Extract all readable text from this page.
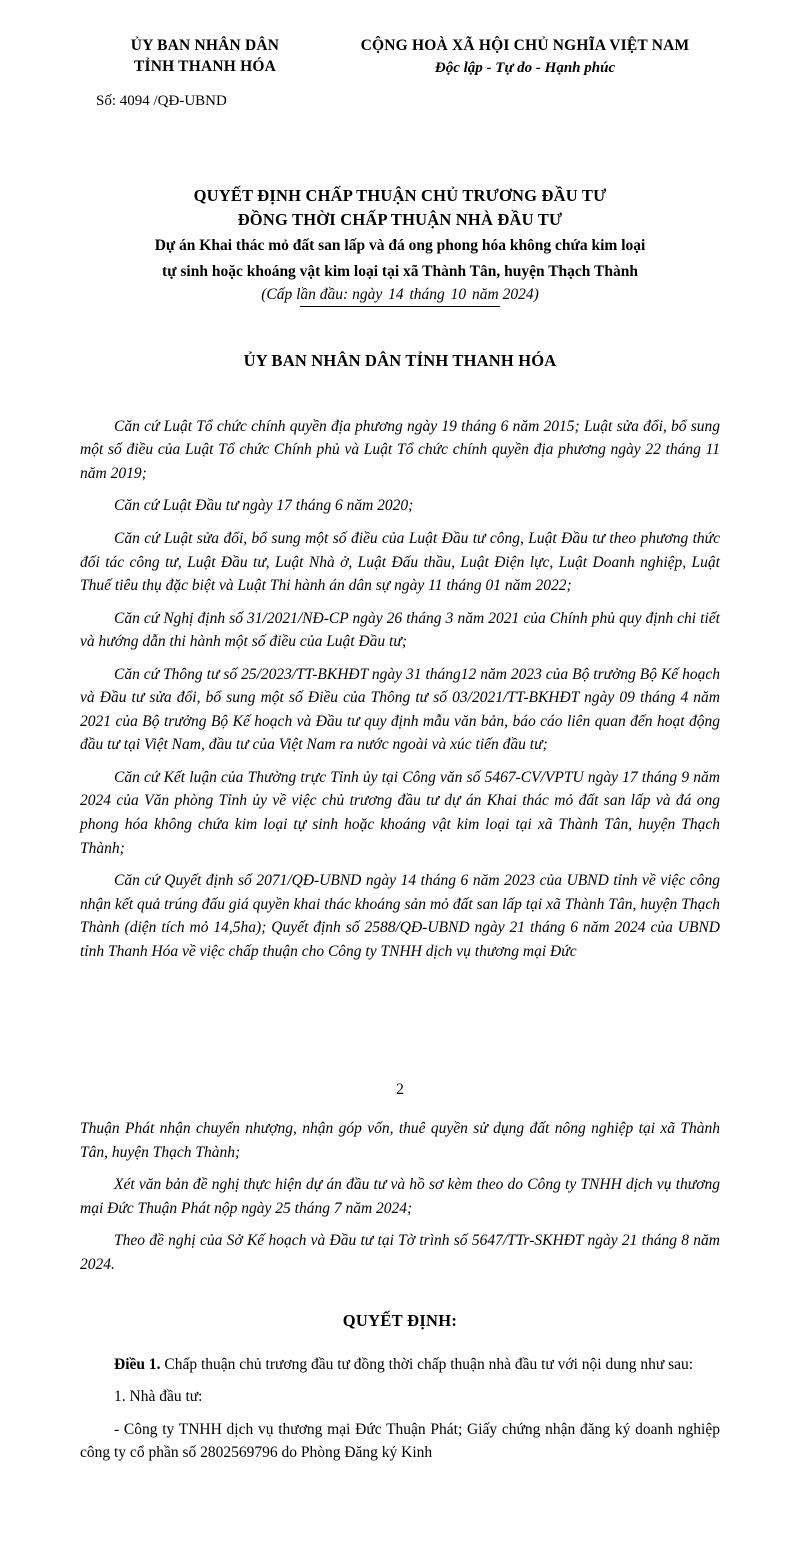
ỦY BAN NHÂN DÂN
TỈNH THANH HÓA
CỘNG HOÀ XÃ HỘI CHỦ NGHĨA VIỆT NAM
Độc lập - Tự do - Hạnh phúc
Số: 4094 /QĐ-UBND
QUYẾT ĐỊNH CHẤP THUẬN CHỦ TRƯƠNG ĐẦU TƯ
ĐỒNG THỜI CHẤP THUẬN NHÀ ĐẦU TƯ
Dự án Khai thác mỏ đất san lấp và đá ong phong hóa không chứa kim loại
tự sinh hoặc khoáng vật kim loại tại xã Thành Tân, huyện Thạch Thành
(Cấp lần đầu: ngày 14 tháng 10 năm 2024)
ỦY BAN NHÂN DÂN TỈNH THANH HÓA

Căn cứ Luật Tổ chức chính quyền địa phương ngày 19 tháng 6 năm 2015; Luật sửa đổi, bổ sung một số điều của Luật Tổ chức Chính phủ và Luật Tổ chức chính quyền địa phương ngày 22 tháng 11 năm 2019;

Căn cứ Luật Đầu tư ngày 17 tháng 6 năm 2020;

Căn cứ Luật sửa đổi, bổ sung một số điều của Luật Đầu tư công, Luật Đầu tư theo phương thức đối tác công tư, Luật Đầu tư, Luật Nhà ở, Luật Đấu thầu, Luật Điện lực, Luật Doanh nghiệp, Luật Thuế tiêu thụ đặc biệt và Luật Thi hành án dân sự ngày 11 tháng 01 năm 2022;

Căn cứ Nghị định số 31/2021/NĐ-CP ngày 26 tháng 3 năm 2021 của Chính phủ quy định chi tiết và hướng dẫn thi hành một số điều của Luật Đầu tư;

Căn cứ Thông tư số 25/2023/TT-BKHĐT ngày 31 tháng12 năm 2023 của Bộ trưởng Bộ Kế hoạch và Đầu tư sửa đổi, bổ sung một số Điều của Thông tư số 03/2021/TT-BKHĐT ngày 09 tháng 4 năm 2021 của Bộ trưởng Bộ Kế hoạch và Đầu tư quy định mẫu văn bản, báo cáo liên quan đến hoạt động đầu tư tại Việt Nam, đầu tư của Việt Nam ra nước ngoài và xúc tiến đầu tư;

Căn cứ Kết luận của Thường trực Tỉnh ủy tại Công văn số 5467-CV/VPTU ngày 17 tháng 9 năm 2024 của Văn phòng Tỉnh ủy về việc chủ trương đầu tư dự án Khai thác mỏ đất san lấp và đá ong phong hóa không chứa kim loại tự sinh hoặc khoáng vật kim loại tại xã Thành Tân, huyện Thạch Thành;

Căn cứ Quyết định số 2071/QĐ-UBND ngày 14 tháng 6 năm 2023 của UBND tỉnh về việc công nhận kết quả trúng đấu giá quyền khai thác khoáng sản mỏ đất san lấp tại xã Thành Tân, huyện Thạch Thành (diện tích mỏ 14,5ha); Quyết định số 2588/QĐ-UBND ngày 21 tháng 6 năm 2024 của UBND tỉnh Thanh Hóa về việc chấp thuận cho Công ty TNHH dịch vụ thương mại Đức

2

Thuận Phát nhận chuyển nhượng, nhận góp vốn, thuê quyền sử dụng đất nông nghiệp tại xã Thành Tân, huyện Thạch Thành;

Xét văn bản đề nghị thực hiện dự án đầu tư và hồ sơ kèm theo do Công ty TNHH dịch vụ thương mại Đức Thuận Phát nộp ngày 25 tháng 7 năm 2024;

Theo đề nghị của Sở Kế hoạch và Đầu tư tại Tờ trình số 5647/TTr-SKHĐT ngày 21 tháng 8 năm 2024.

QUYẾT ĐỊNH:

Điều 1. Chấp thuận chủ trương đầu tư đồng thời chấp thuận nhà đầu tư với nội dung như sau:

1. Nhà đầu tư:

- Công ty TNHH dịch vụ thương mại Đức Thuận Phát; Giấy chứng nhận đăng ký doanh nghiệp công ty cổ phần số 2802569796 do Phòng Đăng ký Kinh
